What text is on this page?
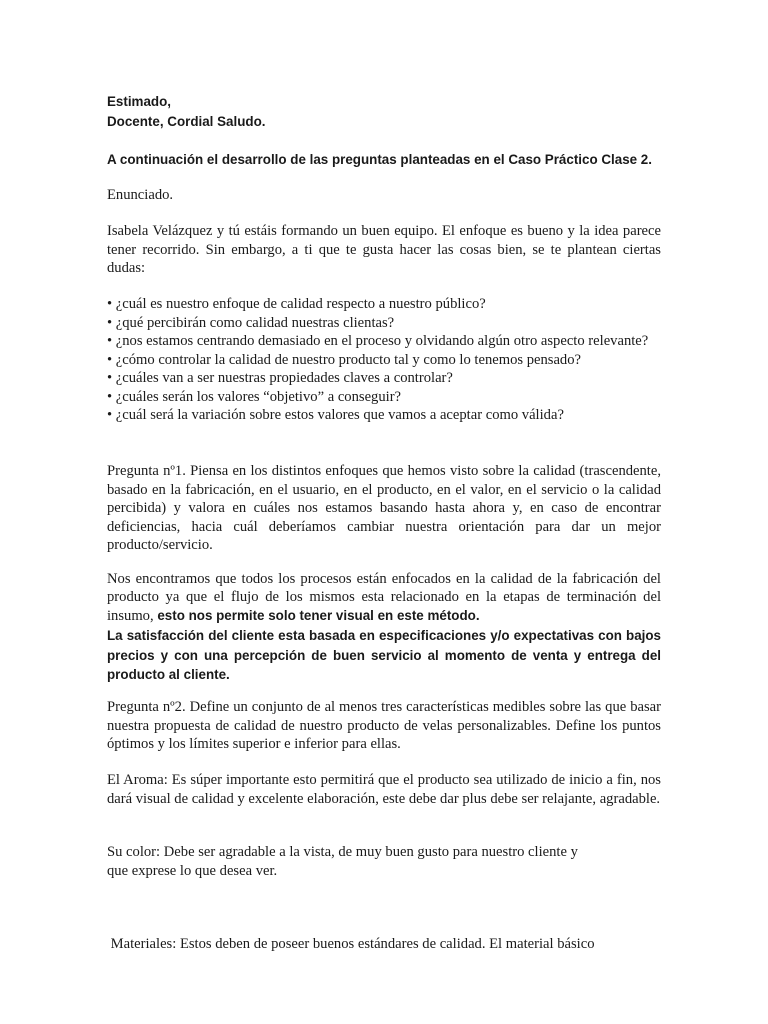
Estimado,

Docente, Cordial Saludo.

A continuación el desarrollo de las preguntas planteadas en el Caso Práctico Clase 2.

Enunciado.

Isabela Velázquez y tú estáis formando un buen equipo. El enfoque es bueno y la idea parece tener recorrido. Sin embargo, a ti que te gusta hacer las cosas bien, se te plantean ciertas dudas:

• ¿cuál es nuestro enfoque de calidad respecto a nuestro público?
• ¿qué percibirán como calidad nuestras clientas?
• ¿nos estamos centrando demasiado en el proceso y olvidando algún otro aspecto relevante?
• ¿cómo controlar la calidad de nuestro producto tal y como lo tenemos pensado?
• ¿cuáles van a ser nuestras propiedades claves a controlar?
• ¿cuáles serán los valores “objetivo” a conseguir?
• ¿cuál será la variación sobre estos valores que vamos a aceptar como válida?

Pregunta nº1. Piensa en los distintos enfoques que hemos visto sobre la calidad (trascendente, basado en la fabricación, en el usuario, en el producto, en el valor, en el servicio o la calidad percibida) y valora en cuáles nos estamos basando hasta ahora y, en caso de encontrar deficiencias, hacia cuál deberíamos cambiar nuestra orientación para dar un mejor producto/servicio.

Nos encontramos que todos los procesos están enfocados en la calidad de la fabricación del producto ya que el flujo de los mismos esta relacionado en la etapas de terminación del insumo, esto nos permite solo tener visual en este método.

La satisfacción del cliente esta basada en especificaciones y/o expectativas con bajos precios y con una percepción de buen servicio al momento de venta y entrega del producto al cliente.

Pregunta nº2. Define un conjunto de al menos tres características medibles sobre las que basar nuestra propuesta de calidad de nuestro producto de velas personalizables. Define los puntos óptimos y los límites superior e inferior para ellas.

El Aroma: Es súper importante esto permitirá que el producto sea utilizado de inicio a fin, nos dará visual de calidad y excelente elaboración, este debe dar plus debe ser relajante, agradable.

Su color: Debe ser agradable a la vista, de muy buen gusto para nuestro cliente y

que exprese lo que desea ver.

Materiales: Estos deben de poseer buenos estándares de calidad. El material básico
